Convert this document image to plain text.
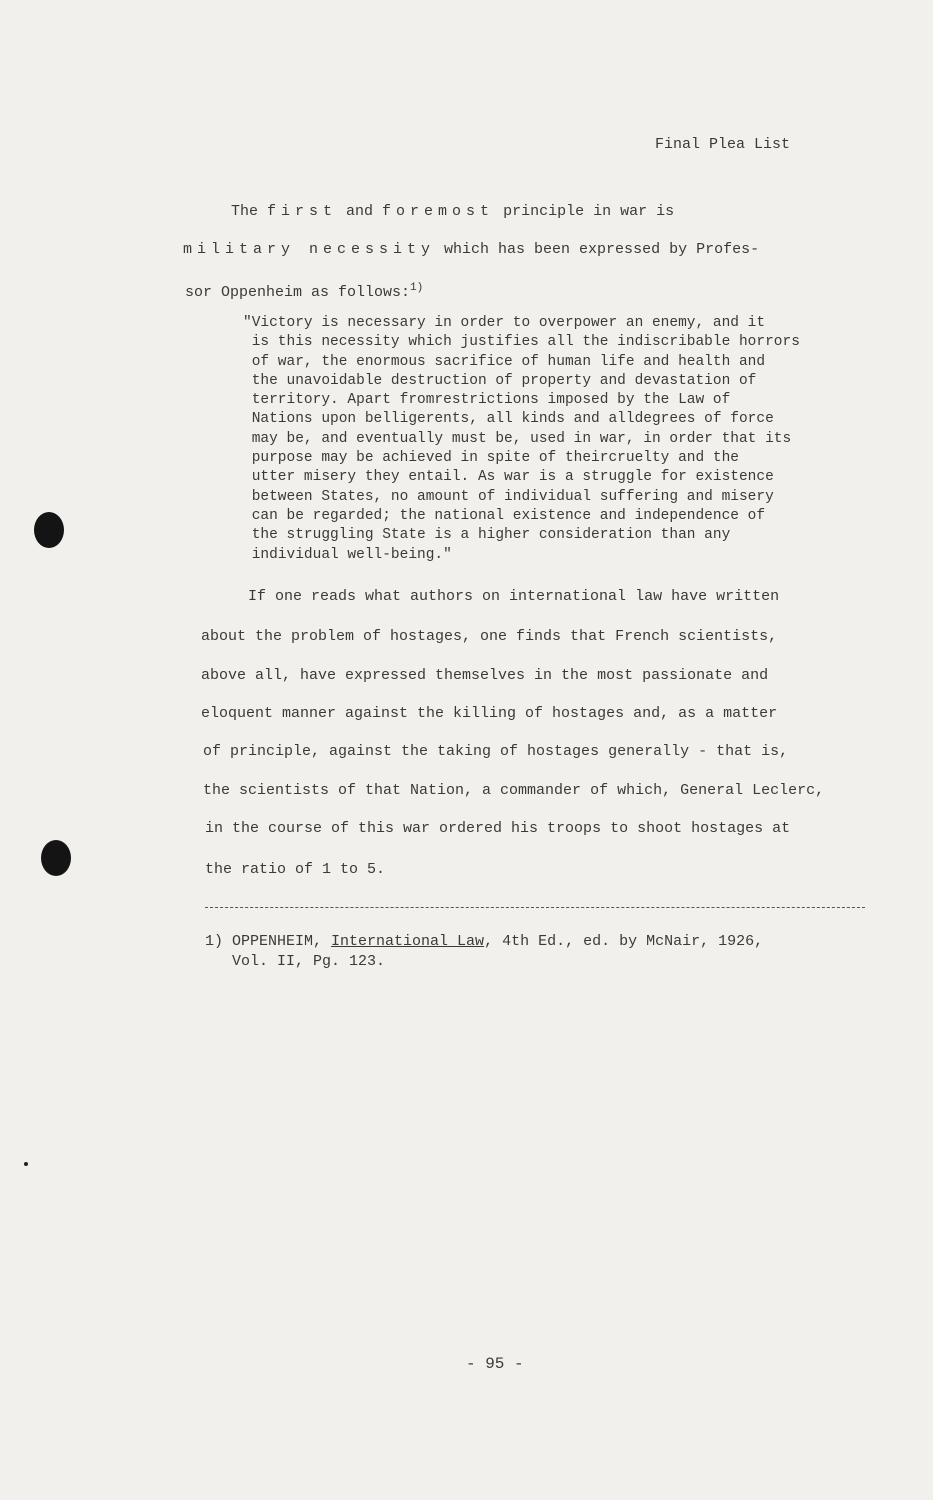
Final Plea List
The first and foremost principle in war is
military necessity which has been expressed by Profes-
sor Oppenheim as follows:$^{1)}$
"Victory is necessary in order to overpower an enemy, and it
is this necessity which justifies all the indiscribable horrors
of war, the enormous sacrifice of human life and health and
the unavoidable destruction of property and devastation of
territory. Apart fromrestrictions imposed by the Law of
Nations upon belligerents, all kinds and alldegrees of force
may be, and eventually must be, used in war, in order that its
purpose may be achieved in spite of theircruelty and the
utter misery they entail. As war is a struggle for existence
between States, no amount of individual suffering and misery
can be regarded; the national existence and independence of
the struggling State is a higher consideration than any
individual well-being."
If one reads what authors on international law have written
about the problem of hostages, one finds that French scientists,
above all, have expressed themselves in the most passionate and
eloquent manner against the killing of hostages and, as a matter
of principle, against the taking of hostages generally - that is,
the scientists of that Nation, a commander of which, General Leclerc,
in the course of this war ordered his troops to shoot hostages at
the ratio of 1 to 5.
1) OPPENHEIM, International Law, 4th Ed., ed. by McNair, 1926,
Vol. II, Pg. 123.
- 95 -
